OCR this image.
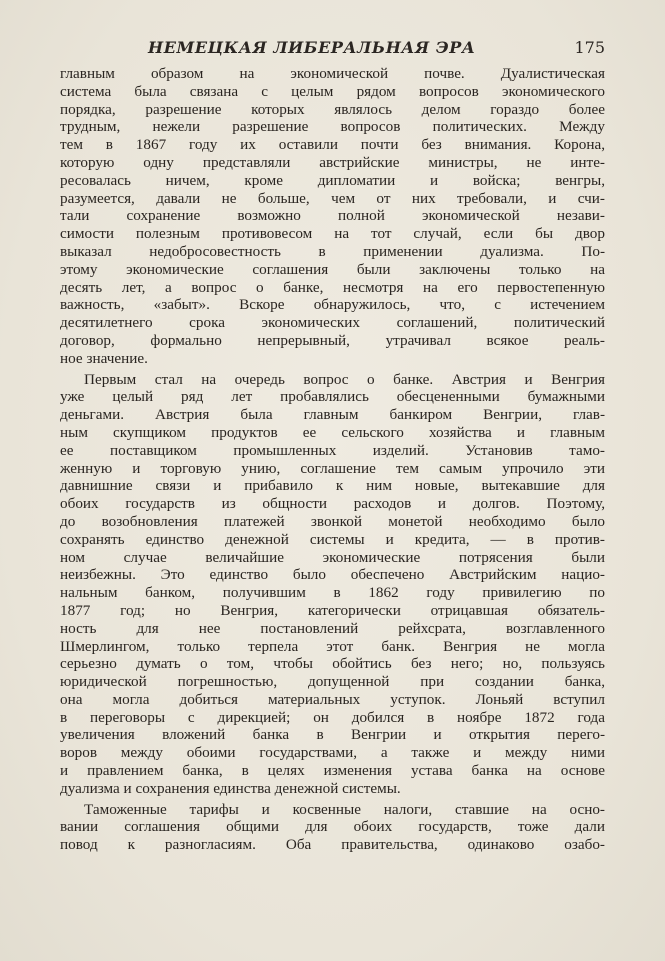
НЕМЕЦКАЯ ЛИБЕРАЛЬНАЯ ЭРА	175
главным образом на экономической почве. Дуалистическая
система была связана с целым рядом вопросов экономического
порядка, разрешение которых являлось делом гораздо более
трудным, нежели разрешение вопросов политических. Между
тем в 1867 году их оставили почти без внимания. Корона,
которую одну представляли австрийские министры, не инте-
ресовалась ничем, кроме дипломатии и войска; венгры,
разумеется, давали не больше, чем от них требовали, и счи-
тали сохранение возможно полной экономической незави-
симости полезным противовесом на тот случай, если бы двор
выказал недобросовестность в применении дуализма. По-
этому экономические соглашения были заключены только на
десять лет, а вопрос о банке, несмотря на его первостепенную
важность, «забыт». Вскоре обнаружилось, что, с истечением
десятилетнего срока экономических соглашений, политический
договор, формально непрерывный, утрачивал всякое реаль-
ное значение.
Первым стал на очередь вопрос о банке. Австрия и Венгрия
уже целый ряд лет пробавлялись обесцененными бумажными
деньгами. Австрия была главным банкиром Венгрии, глав-
ным скупщиком продуктов ее сельского хозяйства и главным
ее поставщиком промышленных изделий. Установив тамо-
женную и торговую унию, соглашение тем самым упрочило эти
давнишние связи и прибавило к ним новые, вытекавшие для
обоих государств из общности расходов и долгов. Поэтому,
до возобновления платежей звонкой монетой необходимо было
сохранять единство денежной системы и кредита, — в против-
ном случае величайшие экономические потрясения были
неизбежны. Это единство было обеспечено Австрийским нацио-
нальным банком, получившим в 1862 году привилегию по
1877 год; но Венгрия, категорически отрицавшая обязатель-
ность для нее постановлений рейхсрата, возглавленного
Шмерлингом, только терпела этот банк. Венгрия не могла
серьезно думать о том, чтобы обойтись без него; но, пользуясь
юридической погрешностью, допущенной при создании банка,
она могла добиться материальных уступок. Лоньяй вступил
в переговоры с дирекцией; он добился в ноябре 1872 года
увеличения вложений банка в Венгрии и открытия перего-
воров между обоими государствами, а также и между ними
и правлением банка, в целях изменения устава банка на основе
дуализма и сохранения единства денежной системы.
Таможенные тарифы и косвенные налоги, ставшие на осно-
вании соглашения общими для обоих государств, тоже дали
повод к разногласиям. Оба правительства, одинаково озабо-
